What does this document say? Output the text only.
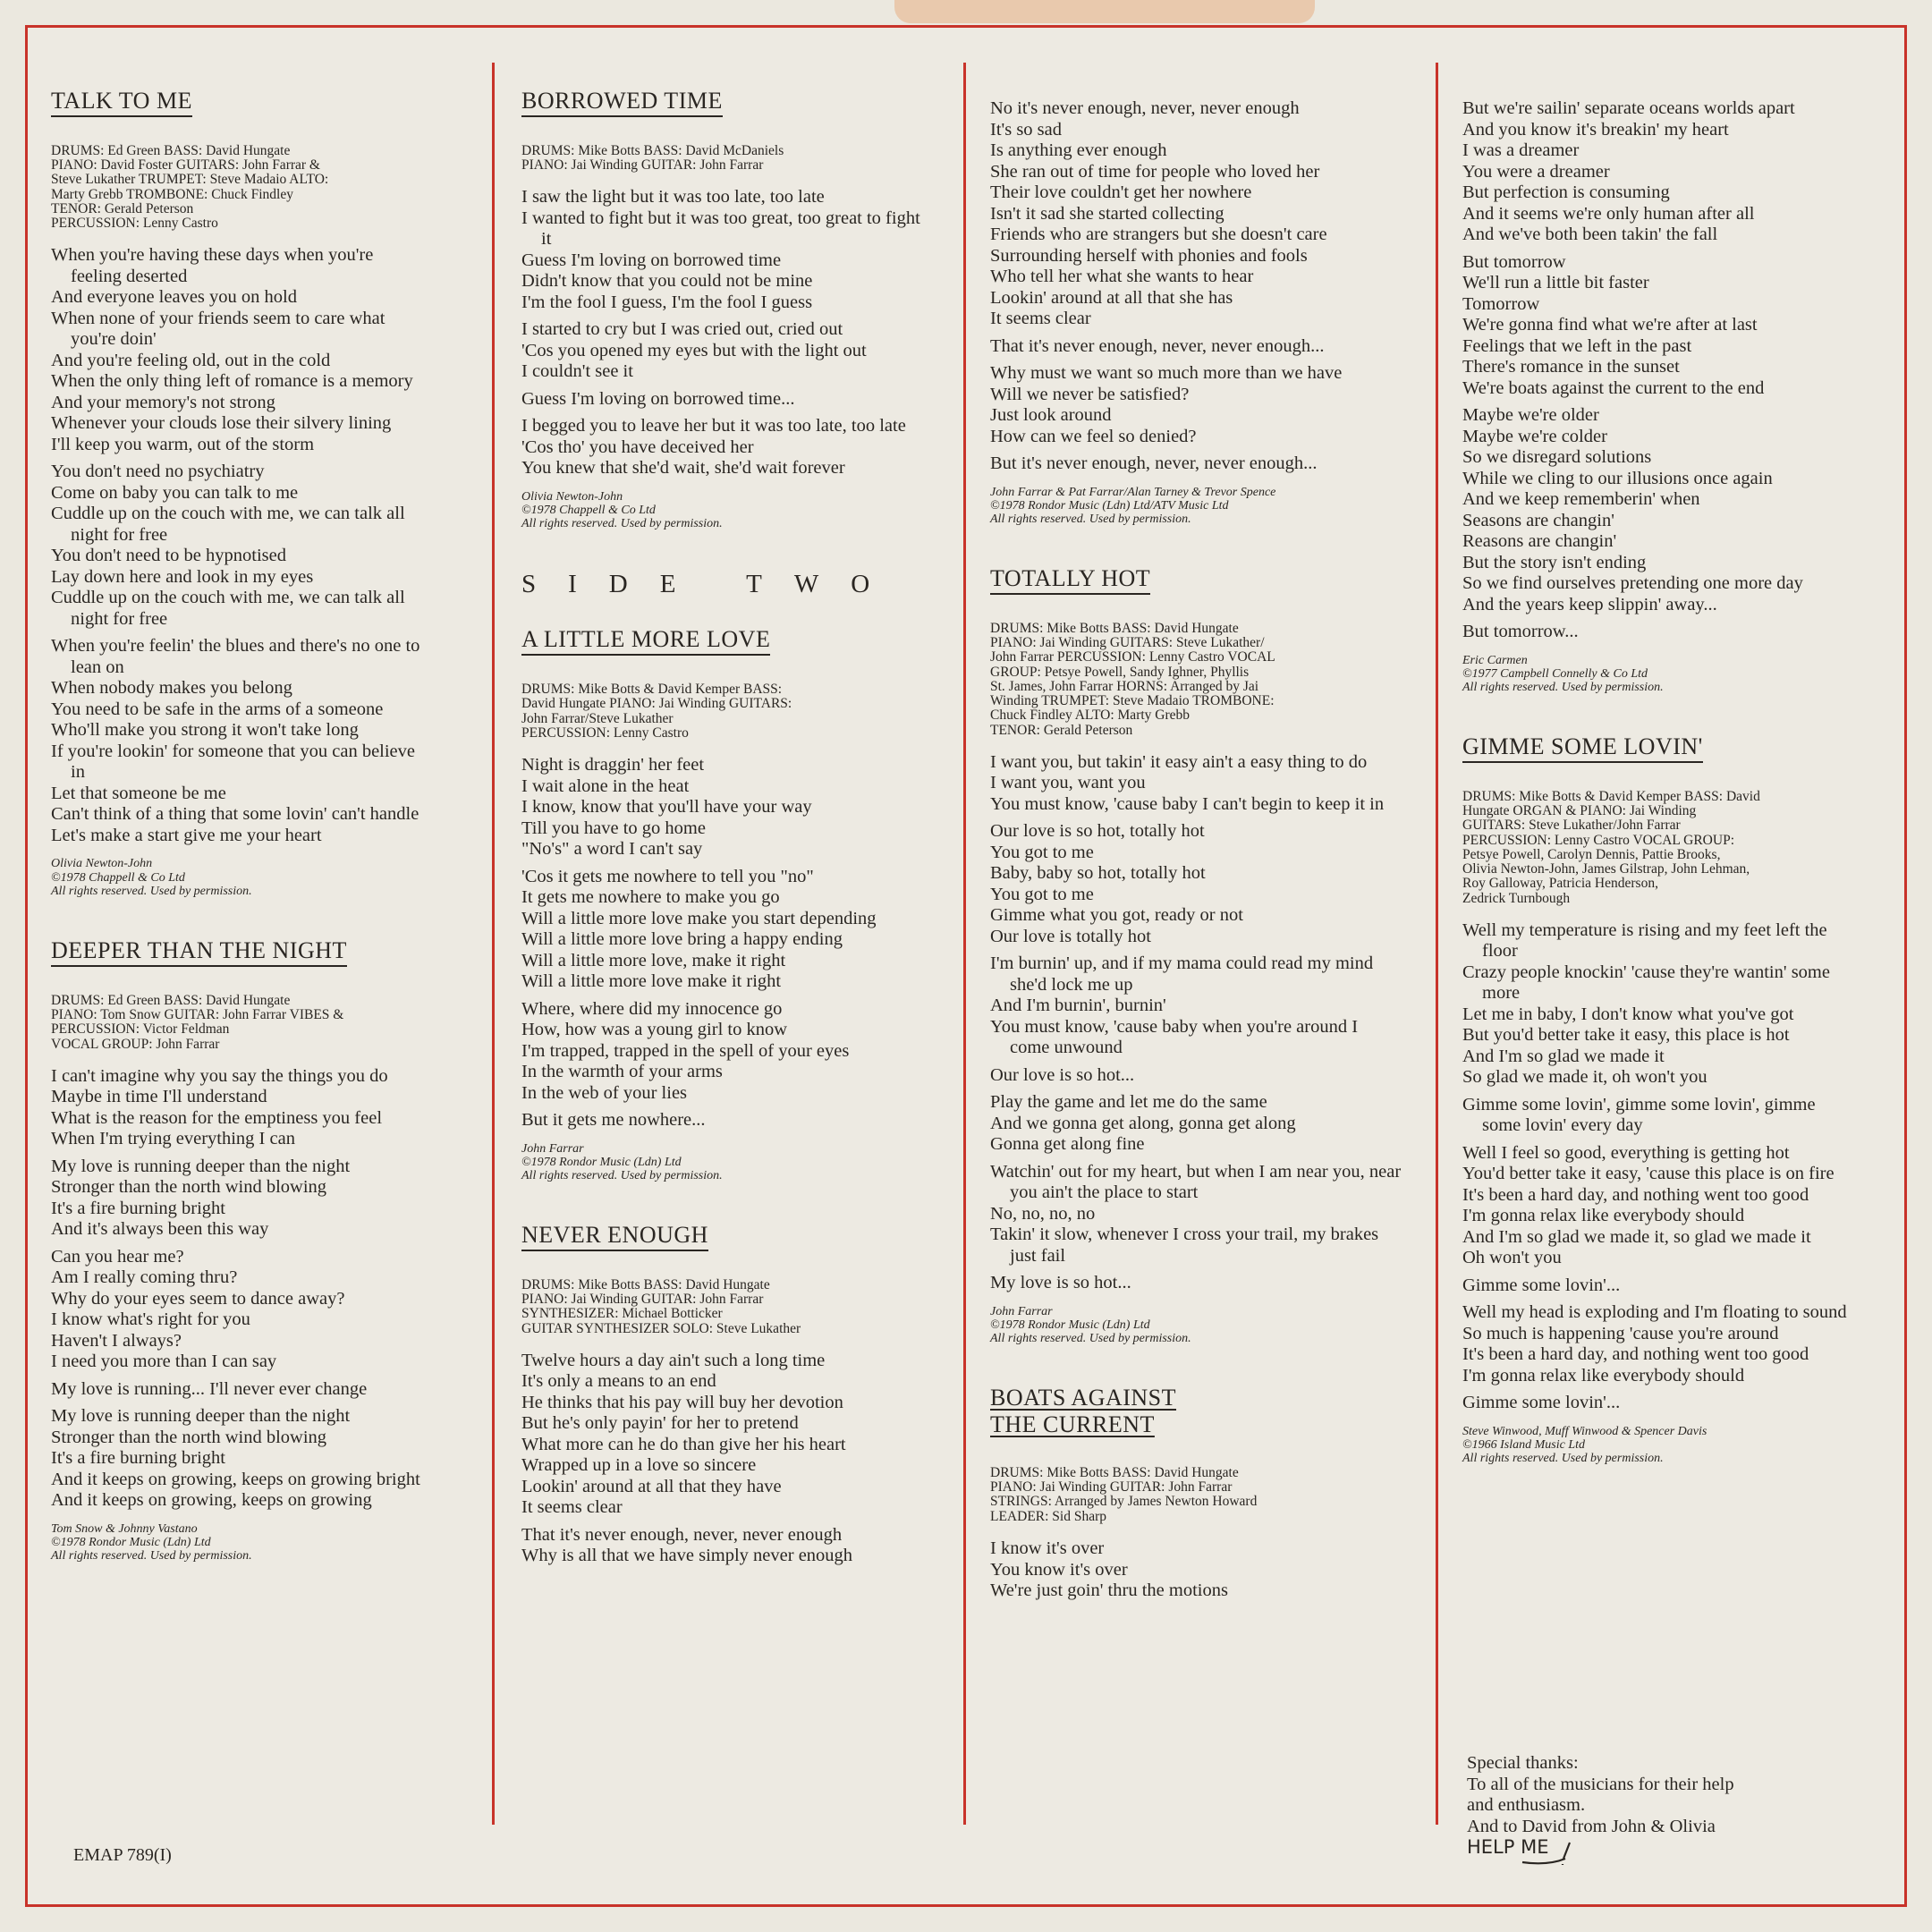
TALK TO ME

DRUMS: Ed Green BASS: David Hungate
PIANO: David Foster GUITARS: John Farrar &
Steve Lukather TRUMPET: Steve Madaio ALTO:
Marty Grebb TROMBONE: Chuck Findley
TENOR: Gerald Peterson
PERCUSSION: Lenny Castro
When you're having these days when you're feeling deserted
And everyone leaves you on hold
When none of your friends seem to care what you're doin'
And you're feeling old, out in the cold
When the only thing left of romance is a memory
And your memory's not strong
Whenever your clouds lose their silvery lining
I'll keep you warm, out of the storm
You don't need no psychiatry
Come on baby you can talk to me
Cuddle up on the couch with me, we can talk all night for free
You don't need to be hypnotised
Lay down here and look in my eyes
Cuddle up on the couch with me, we can talk all night for free
When you're feelin' the blues and there's no one to lean on
When nobody makes you belong
You need to be safe in the arms of a someone
Who'll make you strong it won't take long
If you're lookin' for someone that you can believe in
Let that someone be me
Can't think of a thing that some lovin' can't handle
Let's make a start give me your heart
Olivia Newton-John
©1978 Chappell & Co Ltd
All rights reserved. Used by permission.
DEEPER THAN THE NIGHT

DRUMS: Ed Green BASS: David Hungate
PIANO: Tom Snow GUITAR: John Farrar VIBES &
PERCUSSION: Victor Feldman
VOCAL GROUP: John Farrar
I can't imagine why you say the things you do
Maybe in time I'll understand
What is the reason for the emptiness you feel
When I'm trying everything I can
My love is running deeper than the night
Stronger than the north wind blowing
It's a fire burning bright
And it's always been this way
Can you hear me?
Am I really coming thru?
Why do your eyes seem to dance away?
I know what's right for you
Haven't I always?
I need you more than I can say
My love is running... I'll never ever change
My love is running deeper than the night
Stronger than the north wind blowing
It's a fire burning bright
And it keeps on growing, keeps on growing bright
And it keeps on growing, keeps on growing
Tom Snow & Johnny Vastano
©1978 Rondor Music (Ldn) Ltd
All rights reserved. Used by permission.
BORROWED TIME

DRUMS: Mike Botts BASS: David McDaniels
PIANO: Jai Winding GUITAR: John Farrar
I saw the light but it was too late, too late
I wanted to fight but it was too great, too great to fight it
Guess I'm loving on borrowed time
Didn't know that you could not be mine
I'm the fool I guess, I'm the fool I guess
I started to cry but I was cried out, cried out
'Cos you opened my eyes but with the light out
I couldn't see it
Guess I'm loving on borrowed time...
I begged you to leave her but it was too late, too late
'Cos tho' you have deceived her
You knew that she'd wait, she'd wait forever
Olivia Newton-John
©1978 Chappell & Co Ltd
All rights reserved. Used by permission.
SIDE TWO
A LITTLE MORE LOVE

DRUMS: Mike Botts & David Kemper BASS:
David Hungate PIANO: Jai Winding GUITARS:
John Farrar/Steve Lukather
PERCUSSION: Lenny Castro
Night is draggin' her feet
I wait alone in the heat
I know, know that you'll have your way
Till you have to go home
"No's" a word I can't say
'Cos it gets me nowhere to tell you "no"
It gets me nowhere to make you go
Will a little more love make you start depending
Will a little more love bring a happy ending
Will a little more love, make it right
Will a little more love make it right
Where, where did my innocence go
How, how was a young girl to know
I'm trapped, trapped in the spell of your eyes
In the warmth of your arms
In the web of your lies
But it gets me nowhere...
John Farrar
©1978 Rondor Music (Ldn) Ltd
All rights reserved. Used by permission.
NEVER ENOUGH

DRUMS: Mike Botts BASS: David Hungate
PIANO: Jai Winding GUITAR: John Farrar
SYNTHESIZER: Michael Botticker
GUITAR SYNTHESIZER SOLO: Steve Lukather
Twelve hours a day ain't such a long time
It's only a means to an end
He thinks that his pay will buy her devotion
But he's only payin' for her to pretend
What more can he do than give her his heart
Wrapped up in a love so sincere
Lookin' around at all that they have
It seems clear
That it's never enough, never, never enough
Why is all that we have simply never enough
No it's never enough, never, never enough
It's so sad
Is anything ever enough
She ran out of time for people who loved her
Their love couldn't get her nowhere
Isn't it sad she started collecting
Friends who are strangers but she doesn't care
Surrounding herself with phonies and fools
Who tell her what she wants to hear
Lookin' around at all that she has
It seems clear
That it's never enough, never, never enough...
Why must we want so much more than we have
Will we never be satisfied?
Just look around
How can we feel so denied?
But it's never enough, never, never enough...
John Farrar & Pat Farrar/Alan Tarney & Trevor Spence
©1978 Rondor Music (Ldn) Ltd/ATV Music Ltd
All rights reserved. Used by permission.
TOTALLY HOT

DRUMS: Mike Botts BASS: David Hungate
PIANO: Jai Winding GUITARS: Steve Lukather/
John Farrar PERCUSSION: Lenny Castro VOCAL
GROUP: Petsye Powell, Sandy Ighner, Phyllis
St. James, John Farrar HORNS: Arranged by Jai
Winding TRUMPET: Steve Madaio TROMBONE:
Chuck Findley ALTO: Marty Grebb
TENOR: Gerald Peterson
I want you, but takin' it easy ain't a easy thing to do
I want you, want you
You must know, 'cause baby I can't begin to keep it in
Our love is so hot, totally hot
You got to me
Baby, baby so hot, totally hot
You got to me
Gimme what you got, ready or not
Our love is totally hot
I'm burnin' up, and if my mama could read my mind she'd lock me up
And I'm burnin', burnin'
You must know, 'cause baby when you're around I come unwound
Our love is so hot...
Play the game and let me do the same
And we gonna get along, gonna get along
Gonna get along fine
Watchin' out for my heart, but when I am near you, near you ain't the place to start
No, no, no, no
Takin' it slow, whenever I cross your trail, my brakes just fail
My love is so hot...
John Farrar
©1978 Rondor Music (Ldn) Ltd
All rights reserved. Used by permission.
BOATS AGAINST THE CURRENT

DRUMS: Mike Botts BASS: David Hungate
PIANO: Jai Winding GUITAR: John Farrar
STRINGS: Arranged by James Newton Howard
LEADER: Sid Sharp
I know it's over
You know it's over
We're just goin' thru the motions
But we're sailin' separate oceans worlds apart
And you know it's breakin' my heart
I was a dreamer
You were a dreamer
But perfection is consuming
And it seems we're only human after all
And we've both been takin' the fall
But tomorrow
We'll run a little bit faster
Tomorrow
We're gonna find what we're after at last
Feelings that we left in the past
There's romance in the sunset
We're boats against the current to the end
Maybe we're older
Maybe we're colder
So we disregard solutions
While we cling to our illusions once again
And we keep rememberin' when
Seasons are changin'
Reasons are changin'
But the story isn't ending
So we find ourselves pretending one more day
And the years keep slippin' away...
But tomorrow...
Eric Carmen
©1977 Campbell Connelly & Co Ltd
All rights reserved. Used by permission.
GIMME SOME LOVIN'

DRUMS: Mike Botts & David Kemper BASS: David
Hungate ORGAN & PIANO: Jai Winding
GUITARS: Steve Lukather/John Farrar
PERCUSSION: Lenny Castro VOCAL GROUP:
Petsye Powell, Carolyn Dennis, Pattie Brooks,
Olivia Newton-John, James Gilstrap, John Lehman,
Roy Galloway, Patricia Henderson,
Zedrick Turnbough
Well my temperature is rising and my feet left the floor
Crazy people knockin' 'cause they're wantin' some more
Let me in baby, I don't know what you've got
But you'd better take it easy, this place is hot
And I'm so glad we made it
So glad we made it, oh won't you
Gimme some lovin', gimme some lovin', gimme some lovin' every day
Well I feel so good, everything is getting hot
You'd better take it easy, 'cause this place is on fire
It's been a hard day, and nothing went too good
I'm gonna relax like everybody should
And I'm so glad we made it, so glad we made it
Oh won't you
Gimme some lovin'...
Well my head is exploding and I'm floating to sound
So much is happening 'cause you're around
It's been a hard day, and nothing went too good
I'm gonna relax like everybody should
Gimme some lovin'...
Steve Winwood, Muff Winwood & Spencer Davis
©1966 Island Music Ltd
All rights reserved. Used by permission.
Special thanks:
To all of the musicians for their help
and enthusiasm.
And to David from John & Olivia
HELP ME
EMAP 789(I)
